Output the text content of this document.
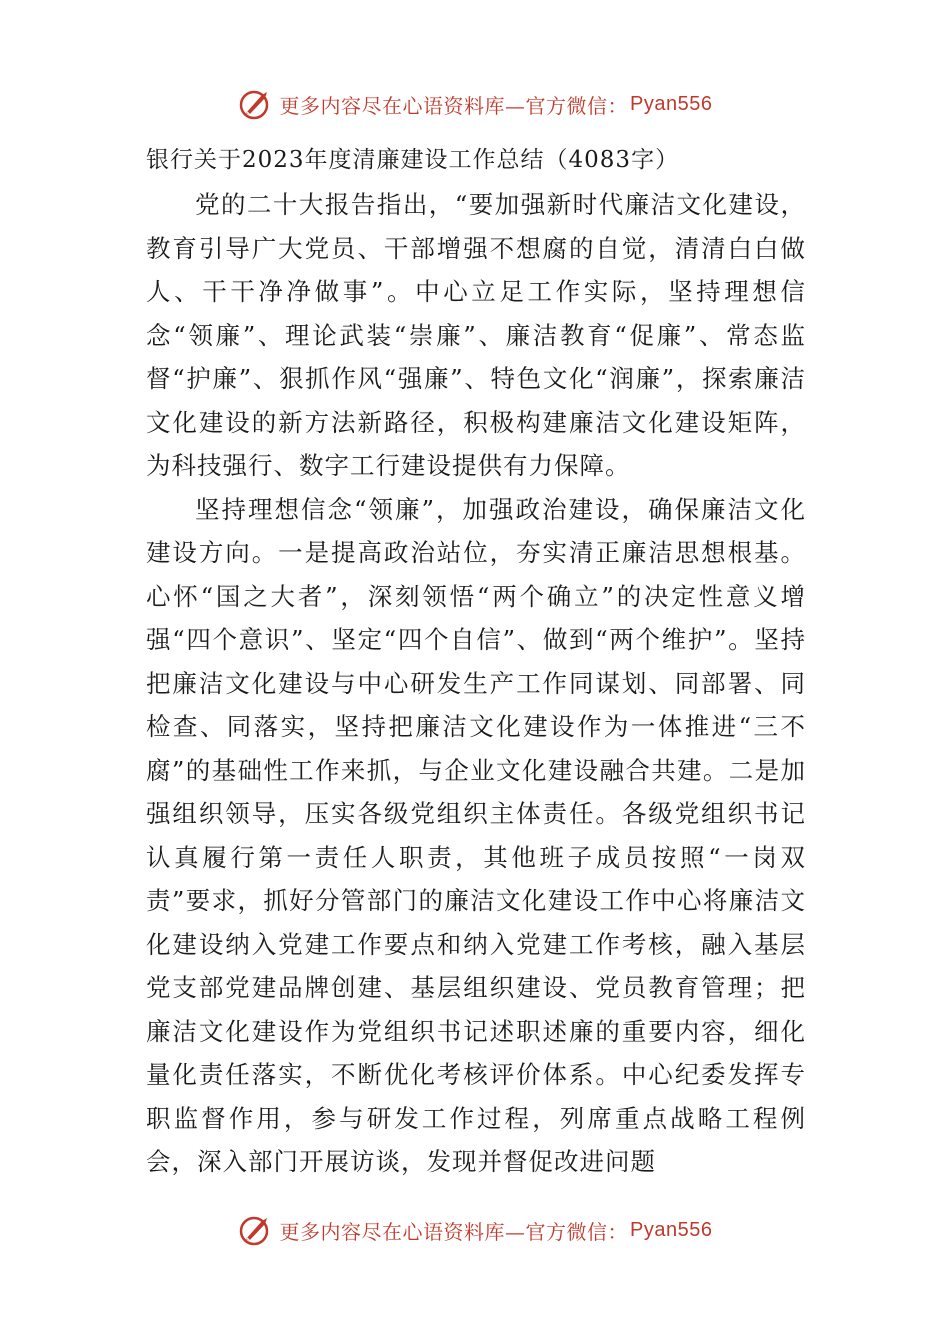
更多内容尽在心语资料库—官方微信： Pyan556
银行关于2023年度清廉建设工作总结（4083字）

党的二十大报告指出，“要加强新时代廉洁文化建设，教育引导广大党员、干部增强不想腐的自觉，清清白白做人、干干净净做事”。中心立足工作实际，坚持理想信念“领廉”、理论武装“崇廉”、廉洁教育“促廉”、常态监督“护廉”、狠抓作风“强廉”、特色文化“润廉”，探索廉洁文化建设的新方法新路径，积极构建廉洁文化建设矩阵，为科技强行、数字工行建设提供有力保障。

坚持理想信念“领廉”，加强政治建设，确保廉洁文化建设方向。一是提高政治站位，夯实清正廉洁思想根基。心怀“国之大者”，深刻领悟“两个确立”的决定性意义增强“四个意识”、坚定“四个自信”、做到“两个维护”。坚持把廉洁文化建设与中心研发生产工作同谋划、同部署、同检查、同落实，坚持把廉洁文化建设作为一体推进“三不腐”的基础性工作来抓，与企业文化建设融合共建。二是加强组织领导，压实各级党组织主体责任。各级党组织书记认真履行第一责任人职责，其他班子成员按照“一岗双责”要求，抓好分管部门的廉洁文化建设工作中心将廉洁文化建设纳入党建工作要点和纳入党建工作考核，融入基层党支部党建品牌创建、基层组织建设、党员教育管理；把廉洁文化建设作为党组织书记述职述廉的重要内容，细化量化责任落实，不断优化考核评价体系。中心纪委发挥专职监督作用，参与研发工作过程，列席重点战略工程例会，深入部门开展访谈，发现并督促改进问题

更多内容尽在心语资料库—官方微信： Pyan556
